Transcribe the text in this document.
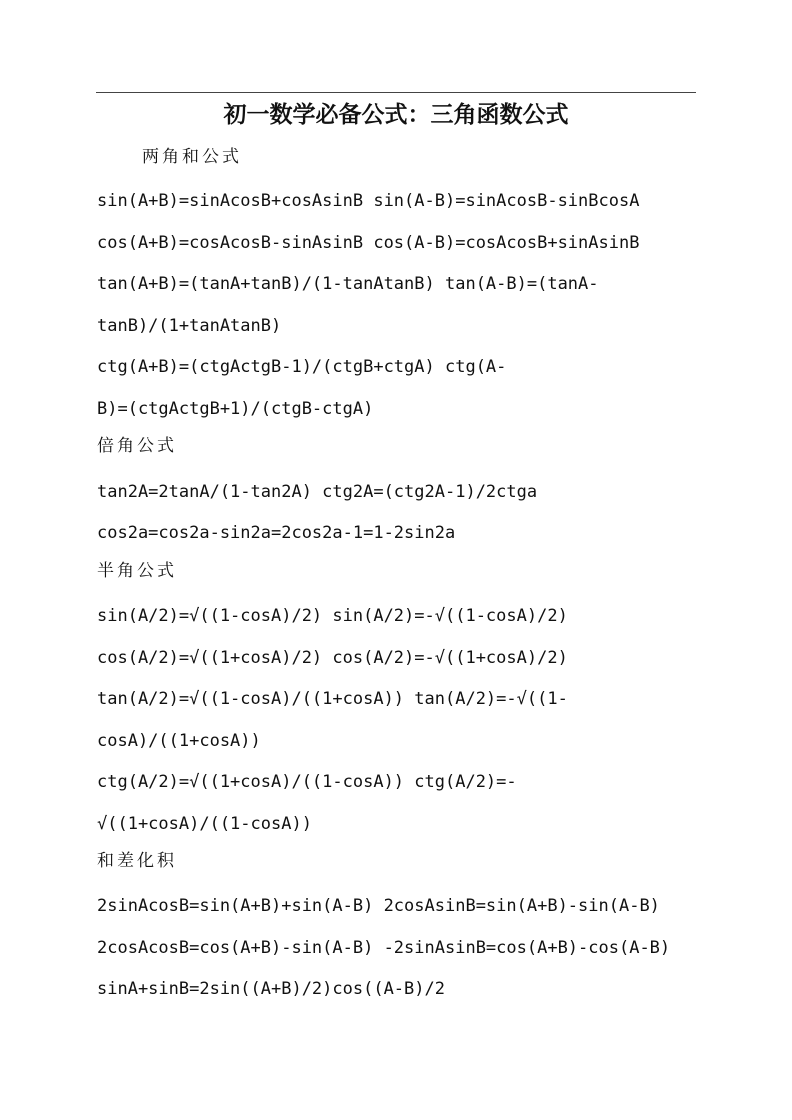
初一数学必备公式：三角函数公式
两角和公式
sin(A+B)=sinAcosB+cosAsinB sin(A-B)=sinAcosB-sinBcosA
cos(A+B)=cosAcosB-sinAsinB cos(A-B)=cosAcosB+sinAsinB
tan(A+B)=(tanA+tanB)/(1-tanAtanB) tan(A-B)=(tanA-
tanB)/(1+tanAtanB)
ctg(A+B)=(ctgActgB-1)/(ctgB+ctgA) ctg(A-
B)=(ctgActgB+1)/(ctgB-ctgA)
倍角公式
tan2A=2tanA/(1-tan2A) ctg2A=(ctg2A-1)/2ctga
cos2a=cos2a-sin2a=2cos2a-1=1-2sin2a
半角公式
sin(A/2)=√((1-cosA)/2) sin(A/2)=-√((1-cosA)/2)
cos(A/2)=√((1+cosA)/2) cos(A/2)=-√((1+cosA)/2)
tan(A/2)=√((1-cosA)/((1+cosA)) tan(A/2)=-√((1-
cosA)/((1+cosA))
ctg(A/2)=√((1+cosA)/((1-cosA)) ctg(A/2)=-
√((1+cosA)/((1-cosA))
和差化积
2sinAcosB=sin(A+B)+sin(A-B) 2cosAsinB=sin(A+B)-sin(A-B)
2cosAcosB=cos(A+B)-sin(A-B) -2sinAsinB=cos(A+B)-cos(A-B)
sinA+sinB=2sin((A+B)/2)cos((A-B)/2
